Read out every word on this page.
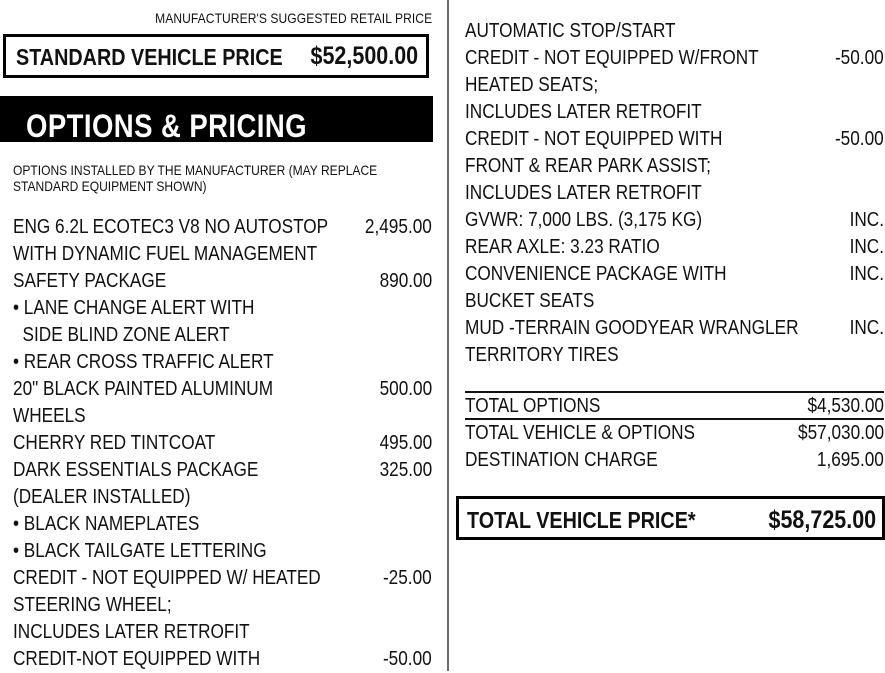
MANUFACTURER'S SUGGESTED RETAIL PRICE
STANDARD VEHICLE PRICE	$52,500.00
OPTIONS & PRICING
OPTIONS INSTALLED BY THE MANUFACTURER (MAY REPLACE STANDARD EQUIPMENT SHOWN)
ENG 6.2L ECOTEC3 V8 NO AUTOSTOP	2,495.00
WITH DYNAMIC FUEL MANAGEMENT
SAFETY PACKAGE	890.00
• LANE CHANGE ALERT WITH
SIDE BLIND ZONE ALERT
• REAR CROSS TRAFFIC ALERT
20" BLACK PAINTED ALUMINUM	500.00
WHEELS
CHERRY RED TINTCOAT	495.00
DARK ESSENTIALS PACKAGE	325.00
(DEALER INSTALLED)
• BLACK NAMEPLATES
• BLACK TAILGATE LETTERING
CREDIT - NOT EQUIPPED W/ HEATED	-25.00
STEERING WHEEL;
INCLUDES LATER RETROFIT
CREDIT-NOT EQUIPPED WITH	-50.00
AUTOMATIC STOP/START
CREDIT - NOT EQUIPPED W/FRONT	-50.00
HEATED SEATS;
INCLUDES LATER RETROFIT
CREDIT - NOT EQUIPPED WITH	-50.00
FRONT & REAR PARK ASSIST;
INCLUDES LATER RETROFIT
GVWR: 7,000 LBS. (3,175 KG)	INC.
REAR AXLE: 3.23 RATIO	INC.
CONVENIENCE PACKAGE WITH	INC.
BUCKET SEATS
MUD -TERRAIN GOODYEAR WRANGLER	INC.
TERRITORY TIRES
TOTAL OPTIONS	$4,530.00
TOTAL VEHICLE & OPTIONS	$57,030.00
DESTINATION CHARGE	1,695.00
TOTAL VEHICLE PRICE*	$58,725.00
